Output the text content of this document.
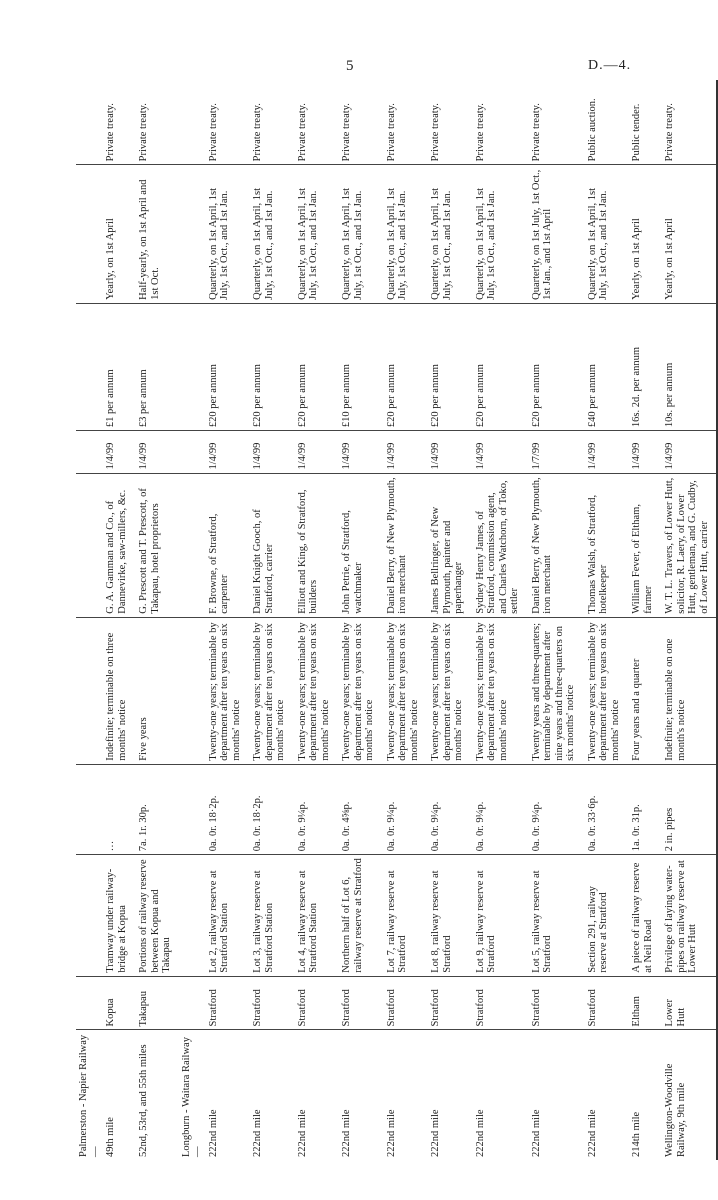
5	D.—4.
Palmerston - Napier Railway—									
49th mile	Kopua	Tramway under railway-bridge at Kopua	…	Indefinite; terminable on three months' notice	G. A. Gamman and Co., of Dannevirke, saw-millers, &c.	1/4/99	£1 per annum	Yearly, on 1st April	Private treaty.
52nd, 53rd, and 55th miles	Takapau	Portions of railway reserve between Kopua and Takapau	7a. 1r. 30p.	Five years	G. Prescott and T. Prescott, of Takapau, hotel proprietors	1/4/99	£3 per annum	Half-yearly, on 1st April and 1st Oct.	Private treaty.
Longburn - Waitara Railway—									
222nd mile	Stratford	Lot 2, railway reserve at Stratford Station	0a. 0r. 18·2p.	Twenty-one years; terminable by department after ten years on six months' notice	F. Browne, of Stratford, carpenter	1/4/99	£20 per annum	Quarterly, on 1st April, 1st July, 1st Oct., and 1st Jan.	Private treaty.
222nd mile	Stratford	Lot 3, railway reserve at Stratford Station	0a. 0r. 18·2p.	Twenty-one years; terminable by department after ten years on six months' notice	Daniel Knight Gooch, of Stratford, carrier	1/4/99	£20 per annum	Quarterly, on 1st April, 1st July, 1st Oct., and 1st Jan.	Private treaty.
222nd mile	Stratford	Lot 4, railway reserve at Stratford Station	0a. 0r. 9¼p.	Twenty-one years; terminable by department after ten years on six months' notice	Elliott and King, of Stratford, builders	1/4/99	£20 per annum	Quarterly, on 1st April, 1st July, 1st Oct., and 1st Jan.	Private treaty.
222nd mile	Stratford	Northern half of Lot 6, railway reserve at Stratford	0a. 0r. 4⅝p.	Twenty-one years; terminable by department after ten years on six months' notice	John Petrie, of Stratford, watchmaker	1/4/99	£10 per annum	Quarterly, on 1st April, 1st July, 1st Oct., and 1st Jan.	Private treaty.
222nd mile	Stratford	Lot 7, railway reserve at Stratford	0a. 0r. 9¼p.	Twenty-one years; terminable by department after ten years on six months' notice	Daniel Berry, of New Plymouth, iron merchant	1/4/99	£20 per annum	Quarterly, on 1st April, 1st July, 1st Oct., and 1st Jan.	Private treaty.
222nd mile	Stratford	Lot 8, railway reserve at Stratford	0a. 0r. 9¼p.	Twenty-one years; terminable by department after ten years on six months' notice	James Bellringer, of New Plymouth, painter and paperhanger	1/4/99	£20 per annum	Quarterly, on 1st April, 1st July, 1st Oct., and 1st Jan.	Private treaty.
222nd mile	Stratford	Lot 9, railway reserve at Stratford	0a. 0r. 9¼p.	Twenty-one years; terminable by department after ten years on six months' notice	Sydney Henry James, of Stratford, commission agent, and Charles Watchorn, of Toko, settler	1/4/99	£20 per annum	Quarterly, on 1st April, 1st July, 1st Oct., and 1st Jan.	Private treaty.
222nd mile	Stratford	Lot 5, railway reserve at Stratford	0a. 0r. 9¼p.	Twenty years and three-quarters; terminable by department after nine years and three-quarters on six months' notice	Daniel Berry, of New Plymouth, iron merchant	1/7/99	£20 per annum	Quarterly, on 1st July, 1st Oct., 1st Jan., and 1st April	Private treaty.
222nd mile	Stratford	Section 291, railway reserve at Stratford	0a. 0r. 33·6p.	Twenty-one years; terminable by department after ten years on six months' notice	Thomas Walsh, of Stratford, hotelkeeper	1/4/99	£40 per annum	Quarterly, on 1st April, 1st July, 1st Oct., and 1st Jan.	Public auction.
214th mile	Eltham	A piece of railway reserve at Neil Road	1a. 0r. 31p.	Four years and a quarter	William Fever, of Eltham, farmer	1/4/99	16s. 2d. per annum	Yearly, on 1st April	Public tender.
Wellington-Woodville Railway, 9th mile	Lower Hutt	Privilege of laying water-pipes on railway reserve at Lower Hutt	2 in. pipes	Indefinite; terminable on one month's notice	W. T. L. Travers, of Lower Hutt, solicitor, R. Laery, of Lower Hutt, gentleman, and G. Cudby, of Lower Hutt, carrier	1/4/99	10s. per annum	Yearly, on 1st April	Private treaty.
